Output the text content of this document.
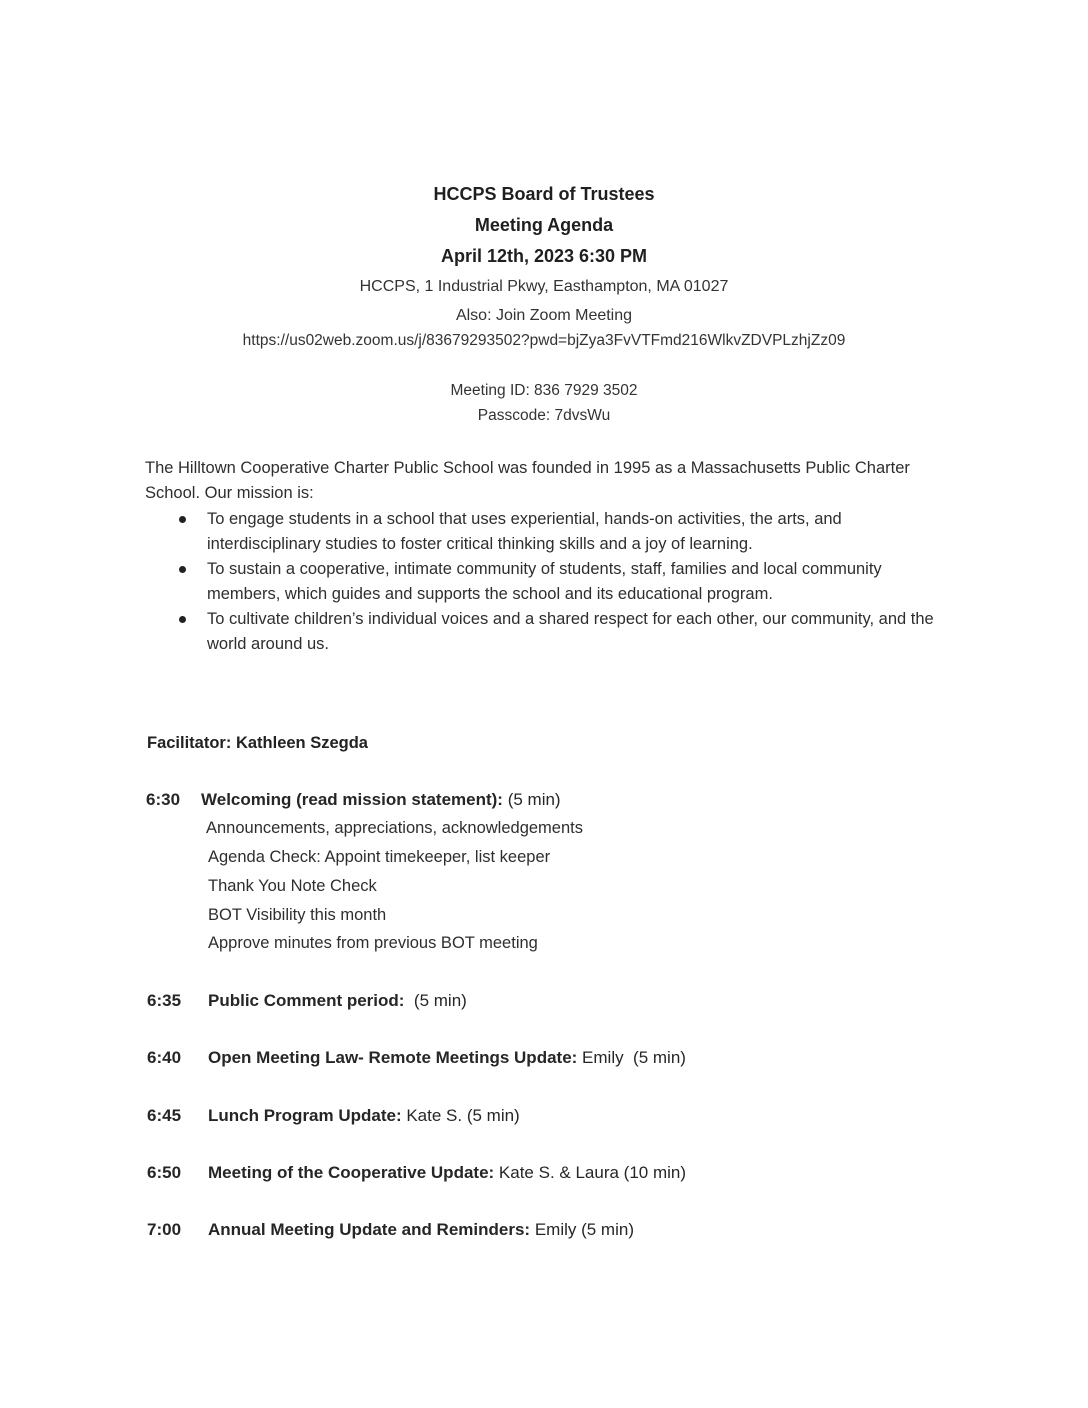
HCCPS Board of Trustees
Meeting Agenda
April 12th, 2023 6:30 PM
HCCPS, 1 Industrial Pkwy, Easthampton, MA 01027
Also: Join Zoom Meeting
https://us02web.zoom.us/j/83679293502?pwd=bjZya3FvVTFmd216WlkvZDVPLzhjZz09
Meeting ID: 836 7929 3502
Passcode: 7dvsWu
The Hilltown Cooperative Charter Public School was founded in 1995 as a Massachusetts Public Charter School. Our mission is:
To engage students in a school that uses experiential, hands-on activities, the arts, and interdisciplinary studies to foster critical thinking skills and a joy of learning.
To sustain a cooperative, intimate community of students, staff, families and local community members, which guides and supports the school and its educational program.
To cultivate children’s individual voices and a shared respect for each other, our community, and the world around us.
Facilitator: Kathleen Szegda
6:30 Welcoming (read mission statement): (5 min)
Announcements, appreciations, acknowledgements
Agenda Check: Appoint timekeeper, list keeper
Thank You Note Check
BOT Visibility this month
Approve minutes from previous BOT meeting
6:35 Public Comment period:  (5 min)
6:40 Open Meeting Law- Remote Meetings Update: Emily  (5 min)
6:45 Lunch Program Update: Kate S. (5 min)
6:50 Meeting of the Cooperative Update: Kate S. & Laura (10 min)
7:00 Annual Meeting Update and Reminders: Emily (5 min)
